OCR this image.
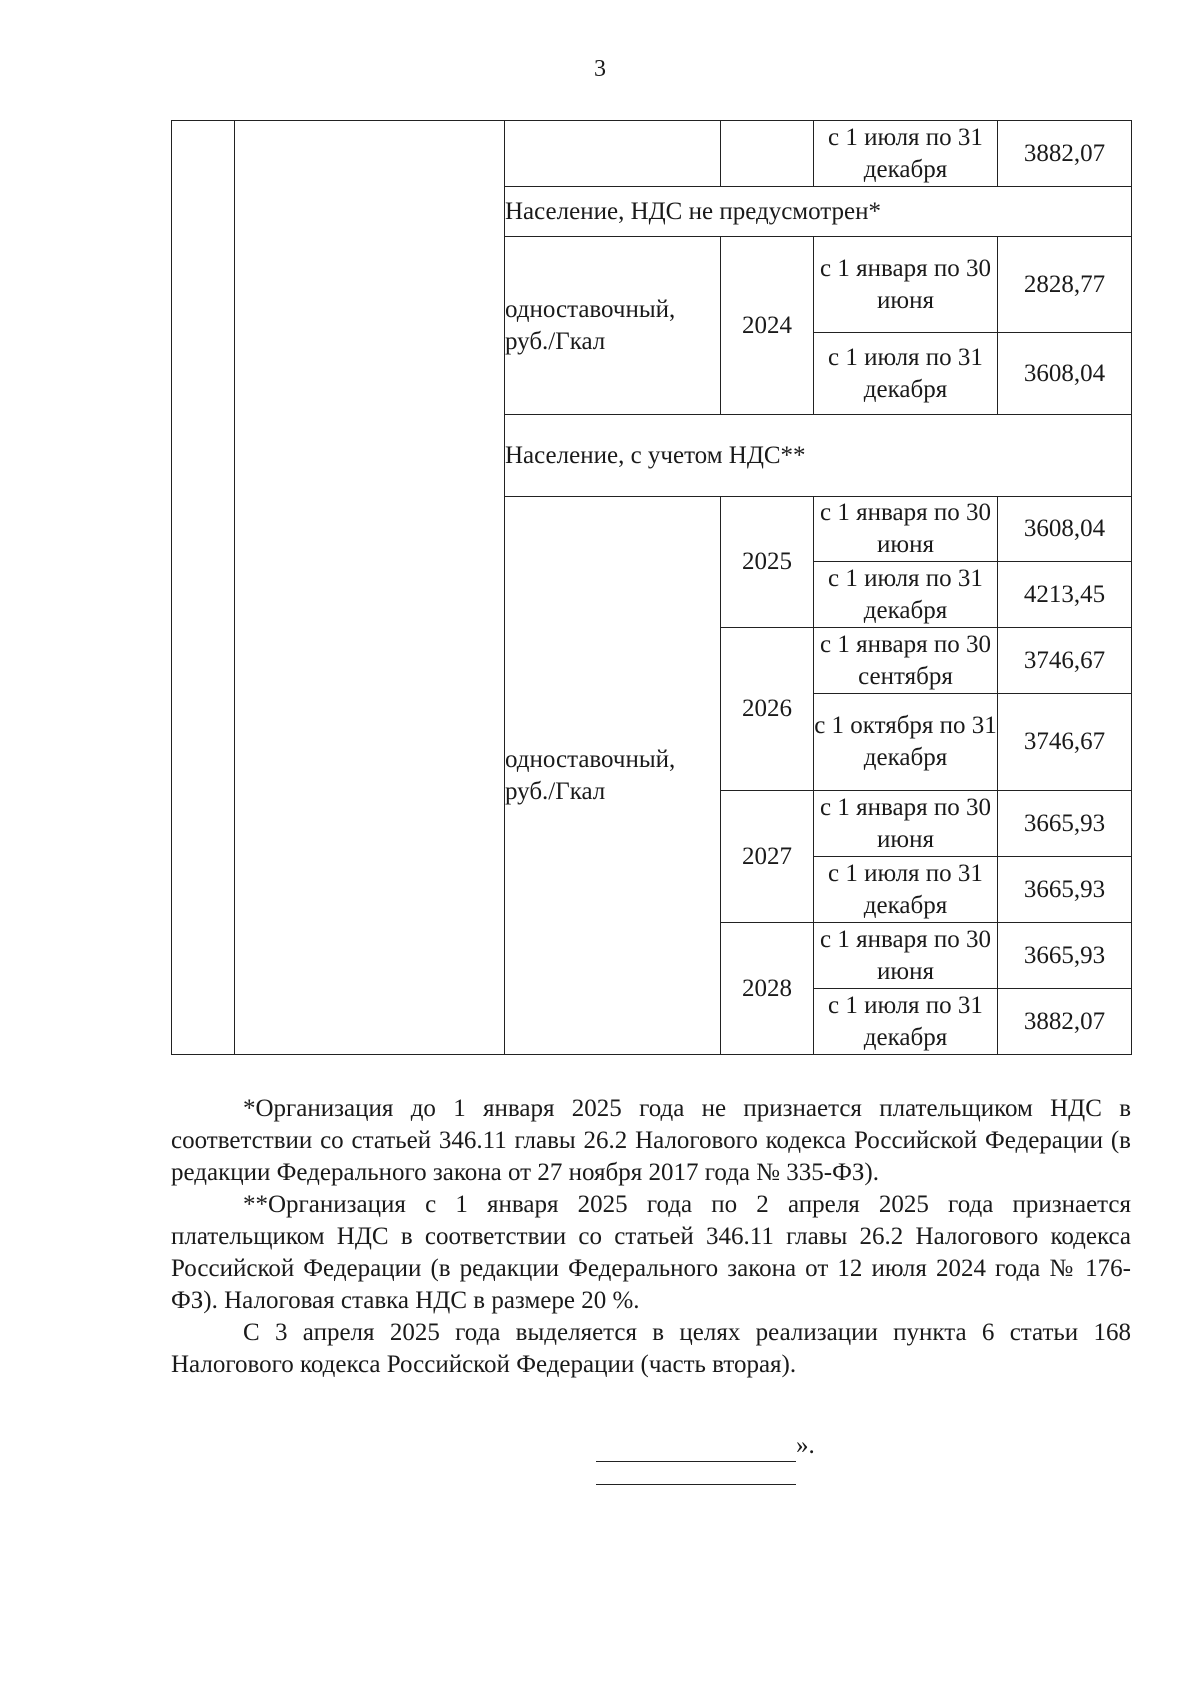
3
				с 1 июля по 31 декабря	3882,07
		Население, НДС не предусмотрен*			
		одноставочный, руб./Гкал	2024	с 1 января по 30 июня	2828,77
				с 1 июля по 31 декабря	3608,04
		Население, с учетом НДС**			
		одноставочный, руб./Гкал	2025	с 1 января по 30 июня	3608,04
				с 1 июля по 31 декабря	4213,45
			2026	с 1 января по 30 сентября	3746,67
				с 1 октября по 31 декабря	3746,67
			2027	с 1 января по 30 июня	3665,93
				с 1 июля по 31 декабря	3665,93
			2028	с 1 января по 30 июня	3665,93
				с 1 июля по 31 декабря	3882,07

*Организация до 1 января 2025 года не признается плательщиком НДС в соответствии со статьей 346.11 главы 26.2 Налогового кодекса Российской Федерации (в редакции Федерального закона от 27 ноября 2017 года № 335-ФЗ).

**Организация с 1 января 2025 года по 2 апреля 2025 года признается плательщиком НДС в соответствии со статьей 346.11 главы 26.2 Налогового кодекса Российской Федерации (в редакции Федерального закона от 12 июля 2024 года № 176-ФЗ). Налоговая ставка НДС в размере 20 %.

С 3 апреля 2025 года выделяется в целях реализации пункта 6 статьи 168 Налогового кодекса Российской Федерации (часть вторая).

».
